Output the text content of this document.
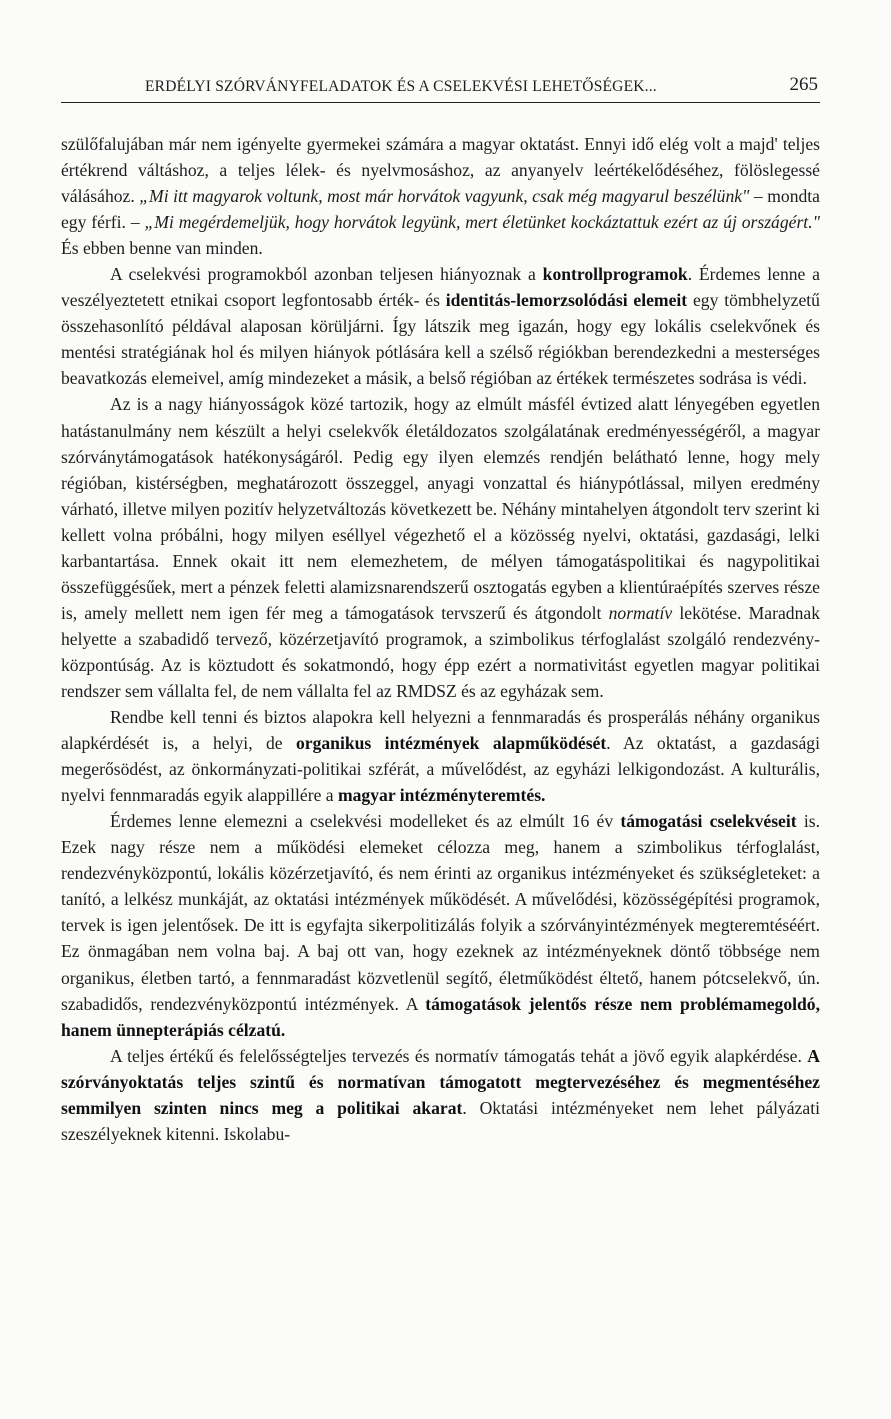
ERDÉLYI SZÓRVÁNYFELADATOK ÉS A CSELEKVÉSI LEHETŐSÉGEK...	265

szülőfalujában már nem igényelte gyermekei számára a magyar oktatást. Ennyi idő elég volt a majd' teljes értékrend váltáshoz, a teljes lélek- és nyelvmosáshoz, az anyanyelv leértékelődéséhez, fölöslegessé válásához. „Mi itt magyarok voltunk, most már horvátok vagyunk, csak még magyarul beszélünk" – mondta egy férfi. – „Mi megérdemeljük, hogy horvátok legyünk, mert életünket kockáztattuk ezért az új országért." És ebben benne van minden.

A cselekvési programokból azonban teljesen hiányoznak a kontrollprogramok. Érdemes lenne a veszélyeztetett etnikai csoport legfontosabb érték- és identitás-lemorzsolódási elemeit egy tömbhelyzetű összehasonlító példával alaposan körüljárni. Így látszik meg igazán, hogy egy lokális cselekvőnek és mentési stratégiának hol és milyen hiányok pótlására kell a szélső régiókban berendezkedni a mesterséges beavatkozás elemeivel, amíg mindezeket a másik, a belső régióban az értékek természetes sodrása is védi.

Az is a nagy hiányosságok közé tartozik, hogy az elmúlt másfél évtized alatt lényegében egyetlen hatástanulmány nem készült a helyi cselekvők életáldozatos szolgálatának eredményességéről, a magyar szórványtámogatások hatékonyságáról. Pedig egy ilyen elemzés rendjén belátható lenne, hogy mely régióban, kistérségben, meghatározott összeggel, anyagi vonzattal és hiánypótlással, milyen eredmény várható, illetve milyen pozitív helyzetváltozás következett be. Néhány mintahelyen átgondolt terv szerint ki kellett volna próbálni, hogy milyen eséllyel végezhető el a közösség nyelvi, oktatási, gazdasági, lelki karbantartása. Ennek okait itt nem elemezhetem, de mélyen támogatáspolitikai és nagypolitikai összefüggésűek, mert a pénzek feletti alamizsnarendszerű osztogatás egyben a klientúraépítés szerves része is, amely mellett nem igen fér meg a támogatások tervszerű és átgondolt normatív lekötése. Maradnak helyette a szabadidő tervező, közérzetjavító programok, a szimbolikus térfoglalást szolgáló rendezvény-központúság. Az is köztudott és sokatmondó, hogy épp ezért a normativitást egyetlen magyar politikai rendszer sem vállalta fel, de nem vállalta fel az RMDSZ és az egyházak sem.

Rendbe kell tenni és biztos alapokra kell helyezni a fennmaradás és prosperálás néhány organikus alapkérdését is, a helyi, de organikus intézmények alapműködését. Az oktatást, a gazdasági megerősödést, az önkormányzati-politikai szférát, a művelődést, az egyházi lelkigondozást. A kulturális, nyelvi fennmaradás egyik alappillére a magyar intézményteremtés.

Érdemes lenne elemezni a cselekvési modelleket és az elmúlt 16 év támogatási cselekvéseit is. Ezek nagy része nem a működési elemeket célozza meg, hanem a szimbolikus térfoglalást, rendezvényközpontú, lokális közérzetjavító, és nem érinti az organikus intézményeket és szükségleteket: a tanító, a lelkész munkáját, az oktatási intézmények működését. A művelődési, közösségépítési programok, tervek is igen jelentősek. De itt is egyfajta sikerpolitizálás folyik a szórványintézmények megteremtéséért. Ez önmagában nem volna baj. A baj ott van, hogy ezeknek az intézményeknek döntő többsége nem organikus, életben tartó, a fennmaradást közvetlenül segítő, életműködést éltető, hanem pótcselekvő, ún. szabadidős, rendezvényközpontú intézmények. A támogatások jelentős része nem problémamegoldó, hanem ünnepterápiás célzatú.

A teljes értékű és felelősségteljes tervezés és normatív támogatás tehát a jövő egyik alapkérdése. A szórványoktatás teljes szintű és normatívan támogatott megtervezéséhez és megmentéséhez semmilyen szinten nincs meg a politikai akarat. Oktatási intézményeket nem lehet pályázati szeszélyeknek kitenni. Iskolabu-
